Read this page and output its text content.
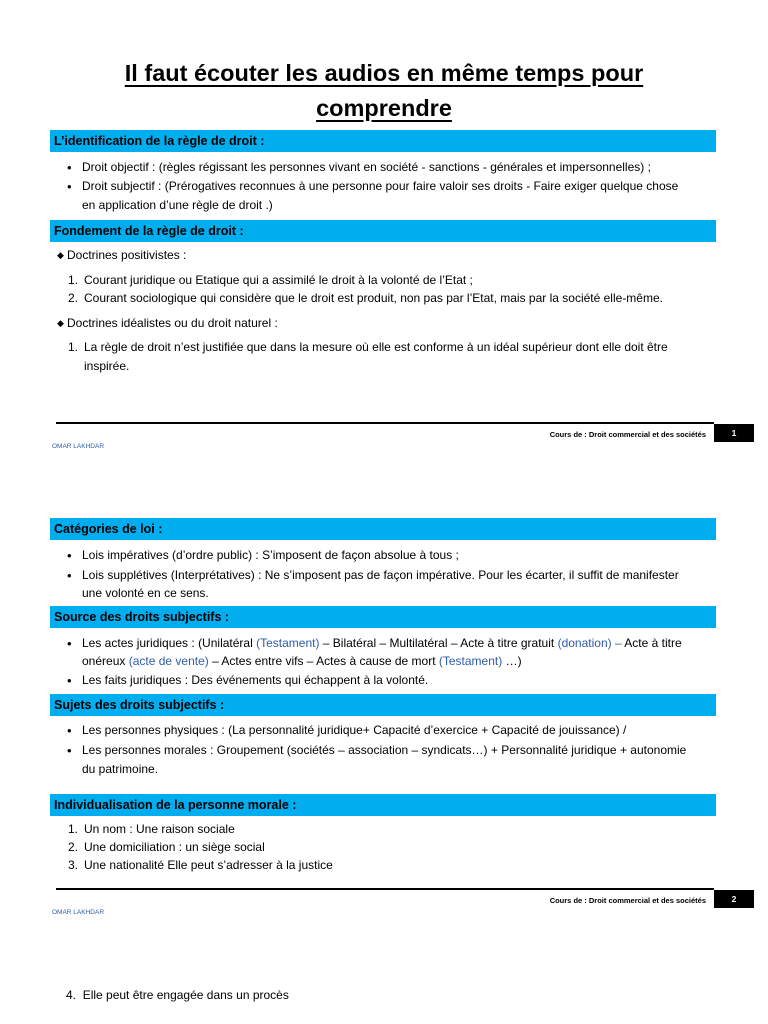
Il faut écouter les audios en même temps pour
comprendre
L’identification de la règle de droit :
• Droit objectif : (règles régissant les personnes vivant en société - sanctions - générales et impersonnelles) ;
• Droit subjectif : (Prérogatives reconnues à une personne pour faire valoir ses droits - Faire exiger quelque chose
en application d’une règle de droit .)
Fondement de la règle de droit :
◆ Doctrines positivistes :
1. Courant juridique ou Etatique qui a assimilé le droit à la volonté de l’Etat ;
2. Courant sociologique qui considère que le droit est produit, non pas par l’Etat, mais par la société elle-même.
◆ Doctrines idéalistes ou du droit naturel :
1. La règle de droit n’est justifiée que dans la mesure où elle est conforme à un idéal supérieur dont elle doit être
inspirée.
Cours de : Droit commercial et des sociétés	1
OMAR LAKHDAR
Catégories de loi :
• Lois impératives (d’ordre public) : S’imposent de façon absolue à tous ;
• Lois supplétives (Interprétatives) : Ne s’imposent pas de façon impérative. Pour les écarter, il suffit de manifester
une volonté en ce sens.
Source des droits subjectifs :
• Les actes juridiques : (Unilatéral (Testament) – Bilatéral – Multilatéral – Acte à titre gratuit (donation) – Acte à titre
onéreux (acte de vente) – Actes entre vifs – Actes à cause de mort (Testament) …)
• Les faits juridiques : Des événements qui échappent à la volonté.
Sujets des droits subjectifs :
• Les personnes physiques : (La personnalité juridique+ Capacité d’exercice + Capacité de jouissance) /
• Les personnes morales : Groupement (sociétés – association – syndicats…) + Personnalité juridique + autonomie
du patrimoine.
Individualisation de la personne morale :
1. Un nom : Une raison sociale
2. Une domiciliation : un siège social
3. Une nationalité Elle peut s’adresser à la justice
Cours de : Droit commercial et des sociétés	2
OMAR LAKHDAR
4. Elle peut être engagée dans un procès
